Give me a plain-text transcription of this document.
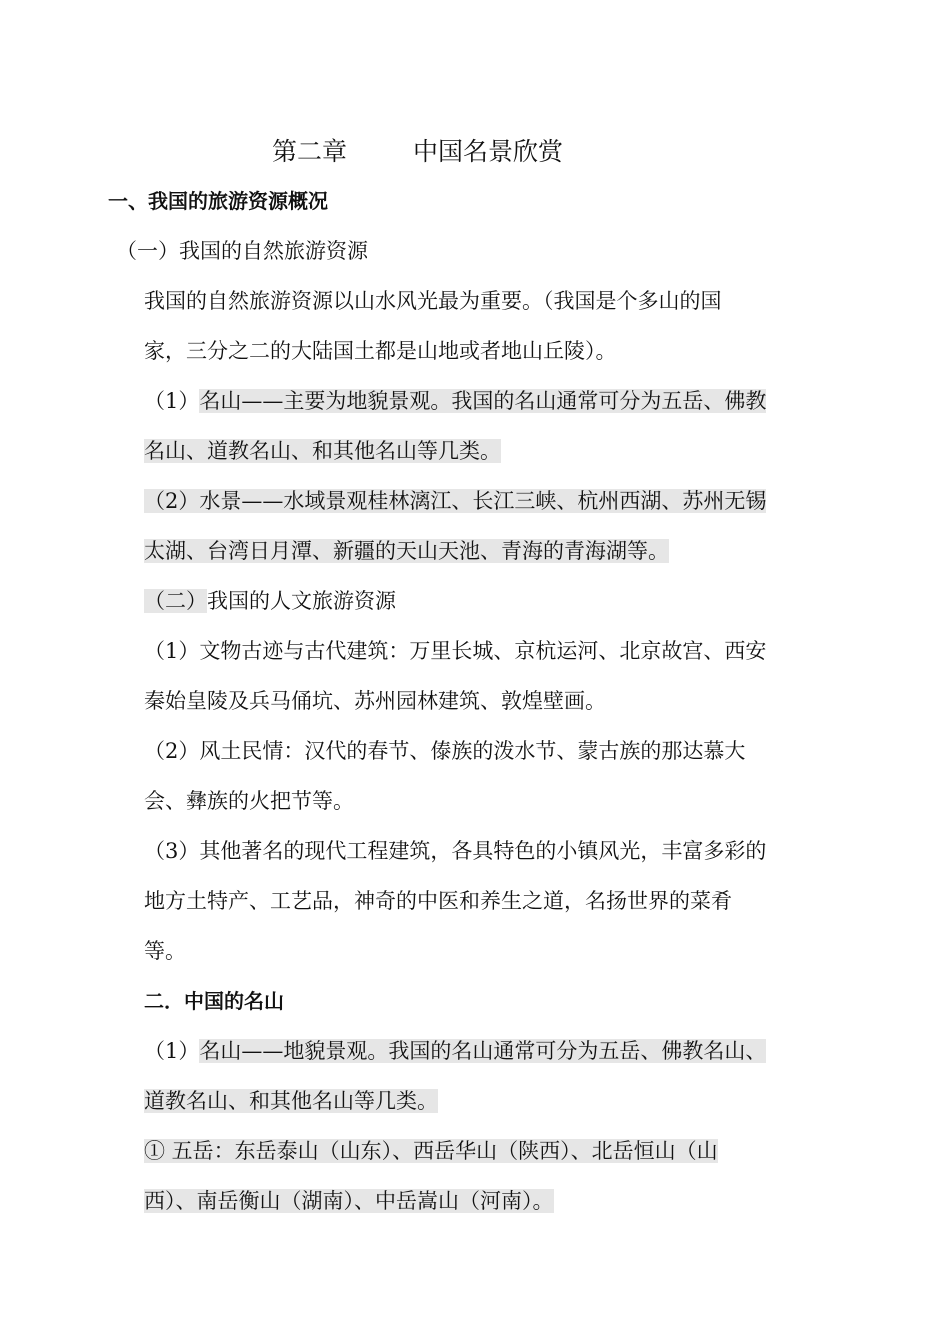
第二章	中国名景欣赏
一、我国的旅游资源概况
（一）我国的自然旅游资源
我国的自然旅游资源以山水风光最为重要。（我国是个多山的国
家，三分之二的大陆国土都是山地或者地山丘陵）。
（1）名山——主要为地貌景观。我国的名山通常可分为五岳、佛教
名山、道教名山、和其他名山等几类。
（2）水景——水域景观桂林漓江、长江三峡、杭州西湖、苏州无锡
太湖、台湾日月潭、新疆的天山天池、青海的青海湖等。
（二）我国的人文旅游资源
（1）文物古迹与古代建筑：万里长城、京杭运河、北京故宫、西安
秦始皇陵及兵马俑坑、苏州园林建筑、敦煌壁画。
（2）风土民情：汉代的春节、傣族的泼水节、蒙古族的那达慕大
会、彝族的火把节等。
（3）其他著名的现代工程建筑，各具特色的小镇风光，丰富多彩的
地方土特产、工艺品，神奇的中医和养生之道，名扬世界的菜肴
等。
二．中国的名山
（1）名山——地貌景观。我国的名山通常可分为五岳、佛教名山、
道教名山、和其他名山等几类。
① 五岳：东岳泰山（山东）、西岳华山（陕西）、北岳恒山（山
西）、南岳衡山（湖南）、中岳嵩山（河南）。
